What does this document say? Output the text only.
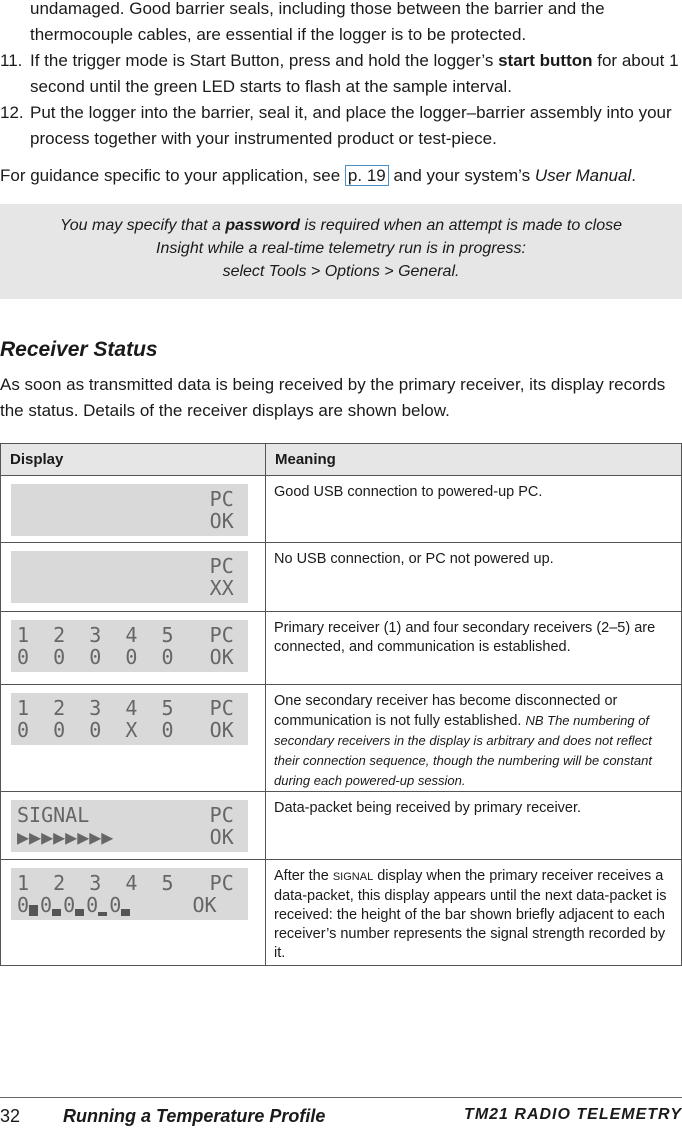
undamaged. Good barrier seals, including those between the barrier and the thermocouple cables, are essential if the logger is to be protected.
11. If the trigger mode is Start Button, press and hold the logger’s start button for about 1 second until the green LED starts to flash at the sample interval.
12. Put the logger into the barrier, seal it, and place the logger–barrier assembly into your process together with your instrumented product or test-piece.
For guidance specific to your application, see p. 19 and your system’s User Manual.
You may specify that a password is required when an attempt is made to close
Insight while a real-time telemetry run is in progress:
select Tools > Options > General.
Receiver Status
As soon as transmitted data is being received by the primary receiver, its display records the status. Details of the receiver displays are shown below.
Display	Meaning

PC
OK	Good USB connection to powered-up PC.

PC
XX	No USB connection, or PC not powered up.

1  2  3  4  5   PC
0  0  0  0  0   OK	Primary receiver (1) and four secondary receivers (2–5) are connected, and communication is established.

1  2  3  4  5   PC
0  0  0  X  0   OK	One secondary receiver has become disconnected or communication is not fully established. NB The numbering of secondary receivers in the display is arbitrary and does not reflect their connection sequence, though the numbering will be constant during each powered-up session.

SIGNAL          PC
▶▶▶▶▶▶▶▶        OK	Data-packet being received by primary receiver.

1  2  3  4  5   PC
0 0 0 0 0     OK	After the SIGNAL display when the primary receiver receives a data-packet, this display appears until the next data-packet is received: the height of the bar shown briefly adjacent to each receiver’s number represents the signal strength recorded by it.
32 Running a Temperature Profile	TM21 RADIO TELEMETRY
